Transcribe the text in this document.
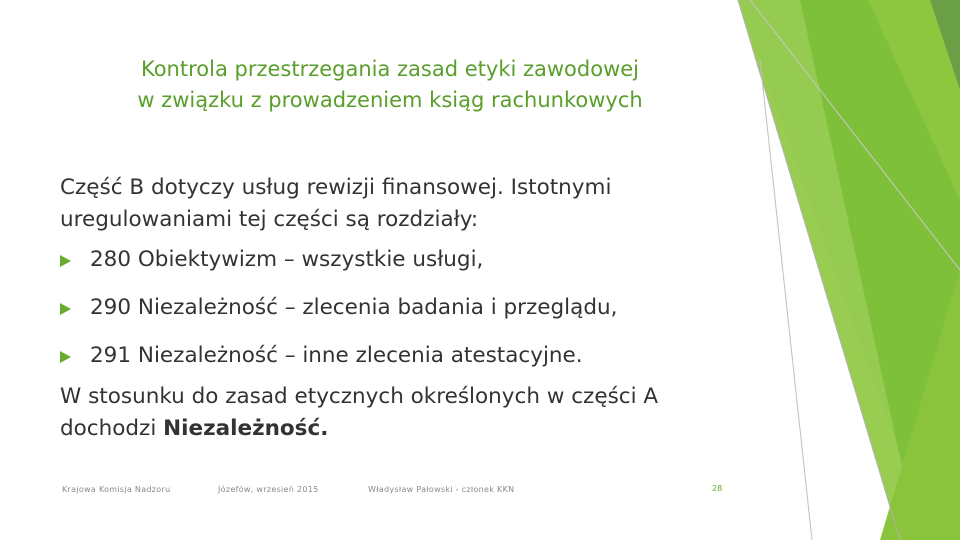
Kontrola przestrzegania zasad etyki zawodowej
w związku z prowadzeniem ksiąg rachunkowych

Część B dotyczy usług rewizji finansowej. Istotnymi

uregulowaniami tej części są rozdziały:

280 Obiektywizm – wszystkie usługi,
290 Niezależność – zlecenia badania i przeglądu,
291 Niezależność – inne zlecenia atestacyjne.

W stosunku do zasad etycznych określonych w części A

dochodzi Niezależność.

Krajowa Komisja Nadzoru	Józefów, wrzesień 2015	Władysław Pałowski - członek KKN	28
